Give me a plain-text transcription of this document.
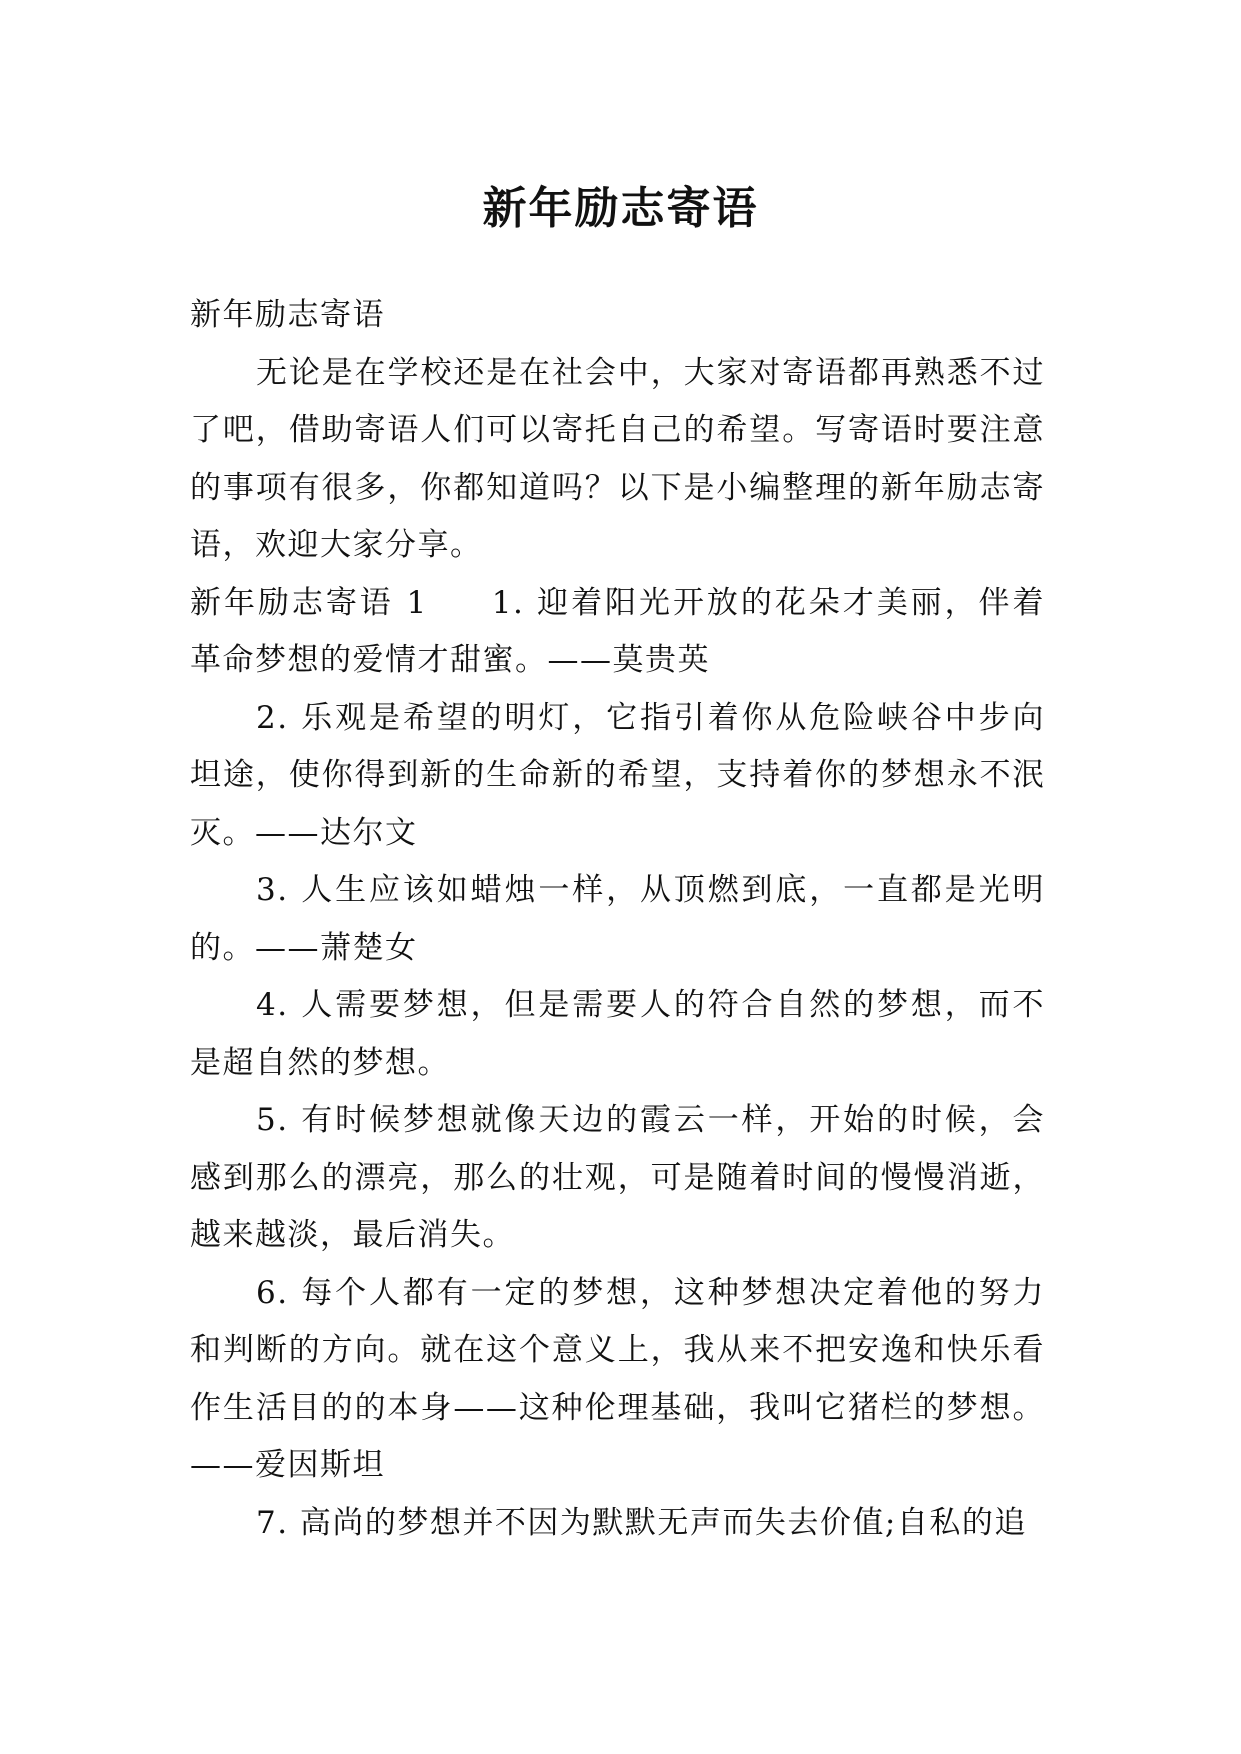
新年励志寄语

新年励志寄语

无论是在学校还是在社会中，大家对寄语都再熟悉不过了吧，借助寄语人们可以寄托自己的希望。写寄语时要注意的事项有很多，你都知道吗？以下是小编整理的新年励志寄语，欢迎大家分享。

新年励志寄语 1 1. 迎着阳光开放的花朵才美丽，伴着革命梦想的爱情才甜蜜。——莫贵英

2. 乐观是希望的明灯，它指引着你从危险峡谷中步向坦途，使你得到新的生命新的希望，支持着你的梦想永不泯灭。——达尔文

3. 人生应该如蜡烛一样，从顶燃到底，一直都是光明的。——萧楚女

4. 人需要梦想，但是需要人的符合自然的梦想，而不是超自然的梦想。

5. 有时候梦想就像天边的霞云一样，开始的时候，会感到那么的漂亮，那么的壮观，可是随着时间的慢慢消逝，越来越淡，最后消失。

6. 每个人都有一定的梦想，这种梦想决定着他的努力和判断的方向。就在这个意义上，我从来不把安逸和快乐看作生活目的的本身——这种伦理基础，我叫它猪栏的梦想。——爱因斯坦

7. 高尚的梦想并不因为默默无声而失去价值;自私的追
